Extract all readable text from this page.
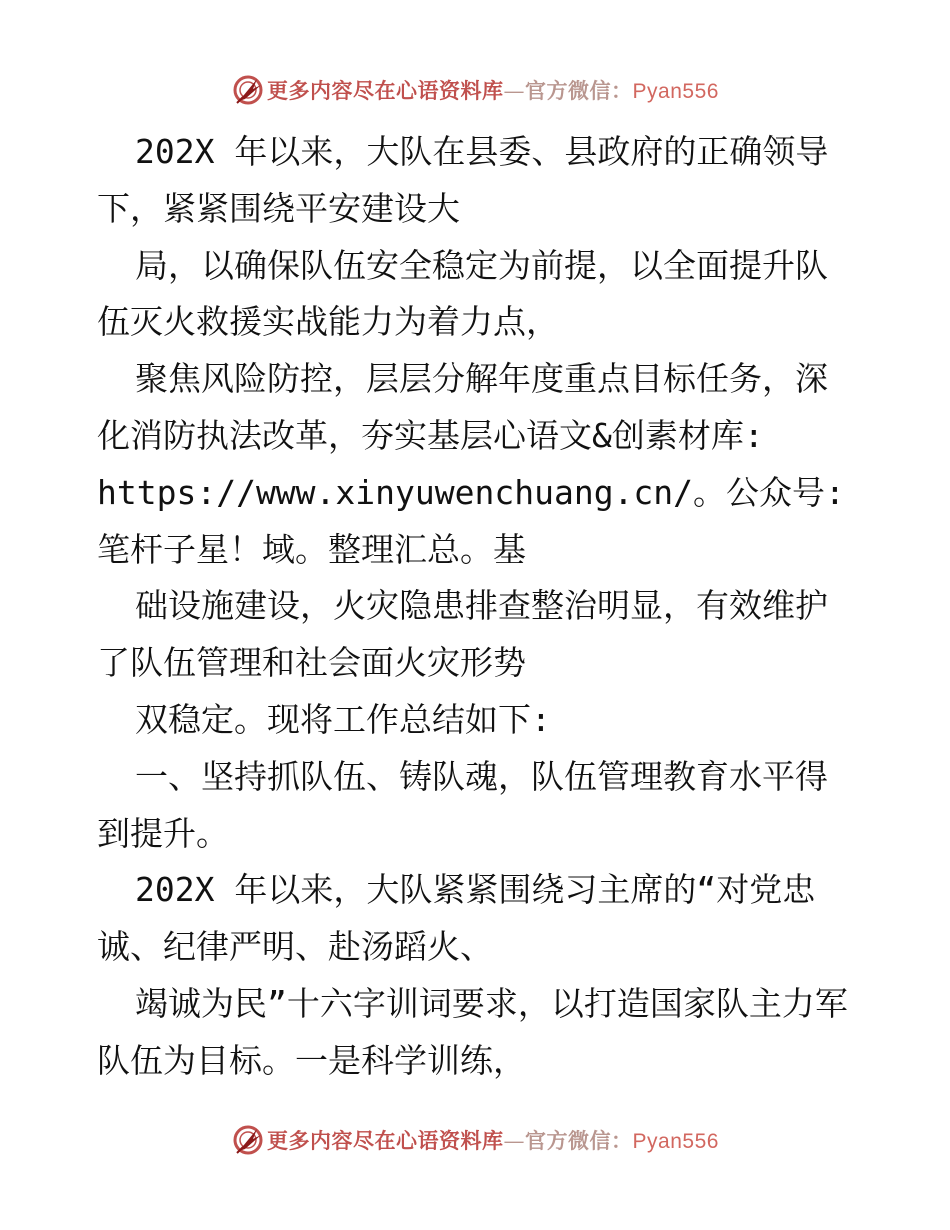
更多内容尽在心语资料库—官方微信：Pyan556

202X 年以来，大队在县委、县政府的正确领导下，紧紧围绕平安建设大

局，以确保队伍安全稳定为前提，以全面提升队伍灭火救援实战能力为着力点，

聚焦风险防控，层层分解年度重点目标任务，深化消防执法改革，夯实基层心语文&创素材库:

https://www.xinyuwenchuang.cn/。公众号: 笔杆子星！域。整理汇总。基

础设施建设，火灾隐患排查整治明显，有效维护了队伍管理和社会面火灾形势

双稳定。现将工作总结如下:

一、坚持抓队伍、铸队魂，队伍管理教育水平得到提升。

202X 年以来，大队紧紧围绕习主席的“对党忠诚、纪律严明、赴汤蹈火、

竭诚为民”十六字训词要求，以打造国家队主力军队伍为目标。一是科学训练，

更多内容尽在心语资料库—官方微信：Pyan556
